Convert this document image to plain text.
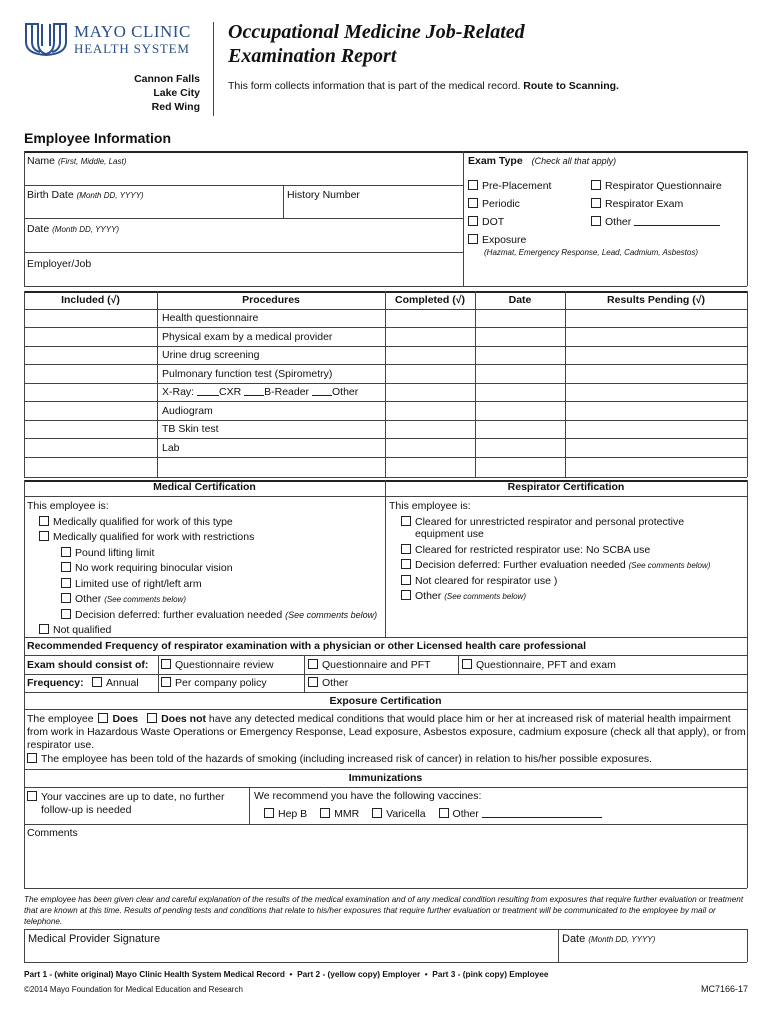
MAYO CLINIC
HEALTH SYSTEM
Cannon Falls
Lake City
Red Wing
Occupational Medicine Job-Related
Examination Report
This form collects information that is part of the medical record. Route to Scanning.
Employee Information
Name (First, Middle, Last)
Birth Date (Month DD, YYYY)	History Number
Date (Month DD, YYYY)
Employer/Job
Exam Type (Check all that apply)
Pre-Placement
Periodic
DOT
Exposure
(Hazmat, Emergency Response, Lead, Cadmium, Asbestos)
Respirator Questionnaire
Respirator Exam
Other
Included (√)	Procedures	Completed (√)	Date	Results Pending (√)
Health questionnaire
Physical exam by a medical provider
Urine drug screening
Pulmonary function test (Spirometry)
X-Ray: CXR B-Reader Other
Audiogram
TB Skin test
Lab
Medical Certification	Respirator Certification
This employee is:
Medically qualified for work of this type
Medically qualified for work with restrictions
Pound lifting limit
No work requiring binocular vision
Limited use of right/left arm
Other (See comments below)
Decision deferred: further evaluation needed (See comments below)
Not qualified
This employee is:
Cleared for unrestricted respirator and personal protective
equipment use
Cleared for restricted respirator use: No SCBA use
Decision deferred: Further evaluation needed (See comments below)
Not cleared for respirator use )
Other (See comments below)
Recommended Frequency of respirator examination with a physician or other Licensed health care professional
Exam should consist of:	Questionnaire review	Questionnaire and PFT	Questionnaire, PFT and exam
Frequency:	Annual	Per company policy	Other
Exposure Certification
The employee Does Does not have any detected medical conditions that would place him or her at increased risk of material health impairment
from work in Hazardous Waste Operations or Emergency Response, Lead exposure, Asbestos exposure, cadmium exposure (check all that apply), or from
respirator use.
The employee has been told of the hazards of smoking (including increased risk of cancer) in relation to his/her possible exposures.
Immunizations
Your vaccines are up to date, no further
follow-up is needed
We recommend you have the following vaccines:
Hep B	MMR	Varicella	Other
Comments
The employee has been given clear and careful explanation of the results of the medical examination and of any medical condition resulting from exposures that require further evaluation or treatment that are known at this time. Results of pending tests and conditions that relate to his/her exposures that require further evaluation or treatment will be communicated to the employee by mail or telephone.
Medical Provider Signature	Date (Month DD, YYYY)
Part 1 - (white original) Mayo Clinic Health System Medical Record  •  Part 2 - (yellow copy) Employer  •  Part 3 - (pink copy) Employee
©2014 Mayo Foundation for Medical Education and Research	MC7166-17
